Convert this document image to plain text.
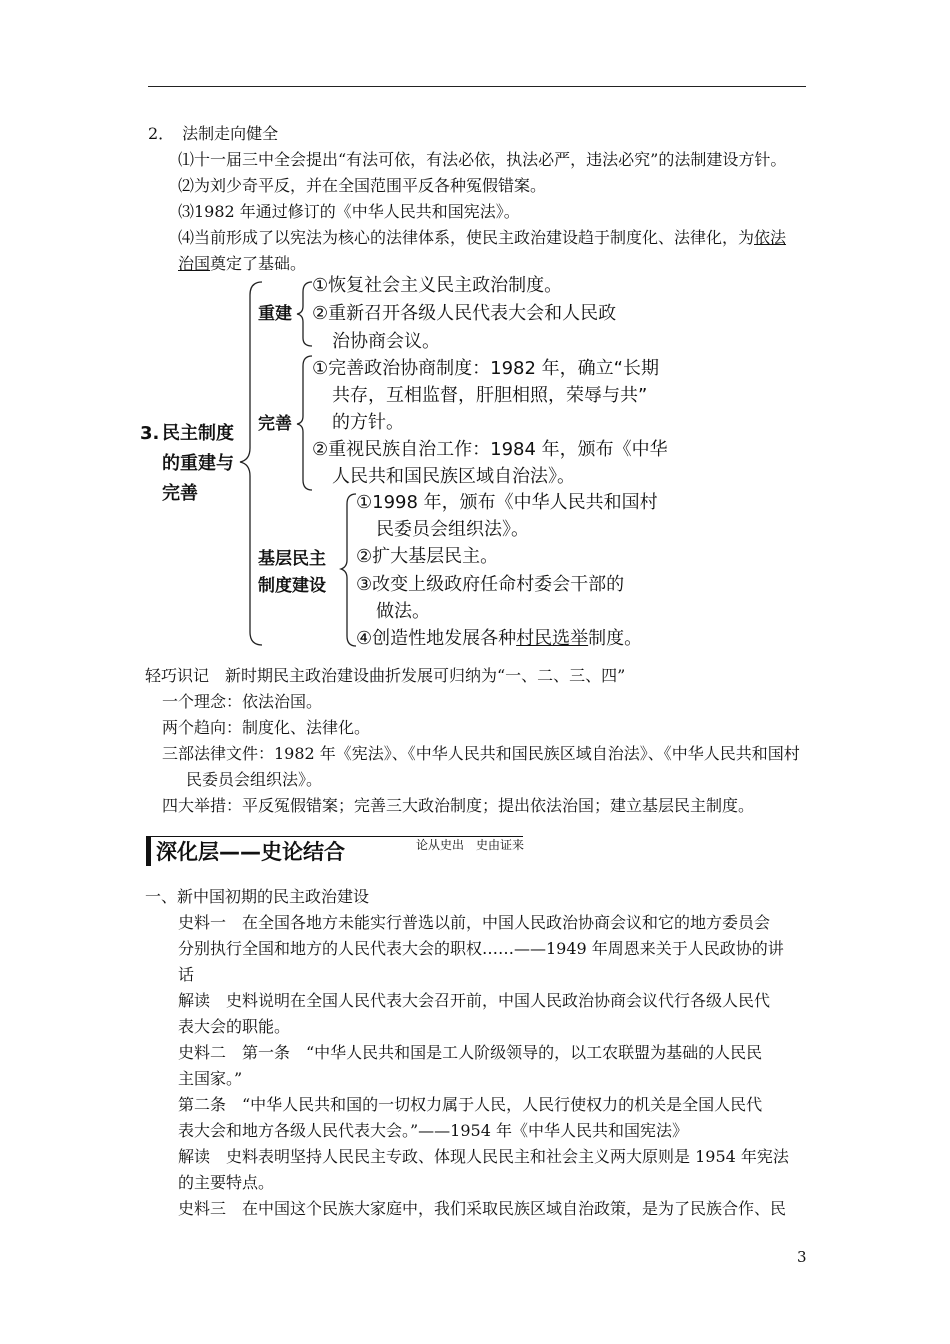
2．　法制走向健全
⑴十一届三中全会提出“有法可依，有法必依，执法必严，违法必究”的法制建设方针。
⑵为刘少奇平反，并在全国范围平反各种冤假错案。
⑶1982 年通过修订的《中华人民共和国宪法》。
⑷当前形成了以宪法为核心的法律体系，使民主政治建设趋于制度化、法律化，为依法
治国奠定了基础。
3. 民主制度
的重建与
完善
重建
①恢复社会主义民主政治制度。
②重新召开各级人民代表大会和人民政
治协商会议。
完善
①完善政治协商制度：1982 年，确立“长期
共存，互相监督，肝胆相照，荣辱与共”
的方针。
②重视民族自治工作：1984 年，颁布《中华
人民共和国民族区域自治法》。
基层民主
制度建设
①1998 年，颁布《中华人民共和国村
民委员会组织法》。
②扩大基层民主。
③改变上级政府任命村委会干部的
做法。
④创造性地发展各种村民选举制度。
轻巧识记　新时期民主政治建设曲折发展可归纳为“一、二、三、四”
一个理念：依法治国。
两个趋向：制度化、法律化。
三部法律文件：1982 年《宪法》、《中华人民共和国民族区域自治法》、《中华人民共和国村
民委员会组织法》。
四大举措：平反冤假错案；完善三大政治制度；提出依法治国；建立基层民主制度。
深化层——史论结合	论从史出　史由证来
一、新中国初期的民主政治建设
史料一　在全国各地方未能实行普选以前，中国人民政治协商会议和它的地方委员会
分别执行全国和地方的人民代表大会的职权……——1949 年周恩来关于人民政协的讲
话
解读　史料说明在全国人民代表大会召开前，中国人民政治协商会议代行各级人民代
表大会的职能。
史料二　第一条　“中华人民共和国是工人阶级领导的，以工农联盟为基础的人民民
主国家。”
第二条　“中华人民共和国的一切权力属于人民，人民行使权力的机关是全国人民代
表大会和地方各级人民代表大会。”——1954 年《中华人民共和国宪法》
解读　史料表明坚持人民民主专政、体现人民民主和社会主义两大原则是 1954 年宪法
的主要特点。
史料三　在中国这个民族大家庭中，我们采取民族区域自治政策，是为了民族合作、民
3
